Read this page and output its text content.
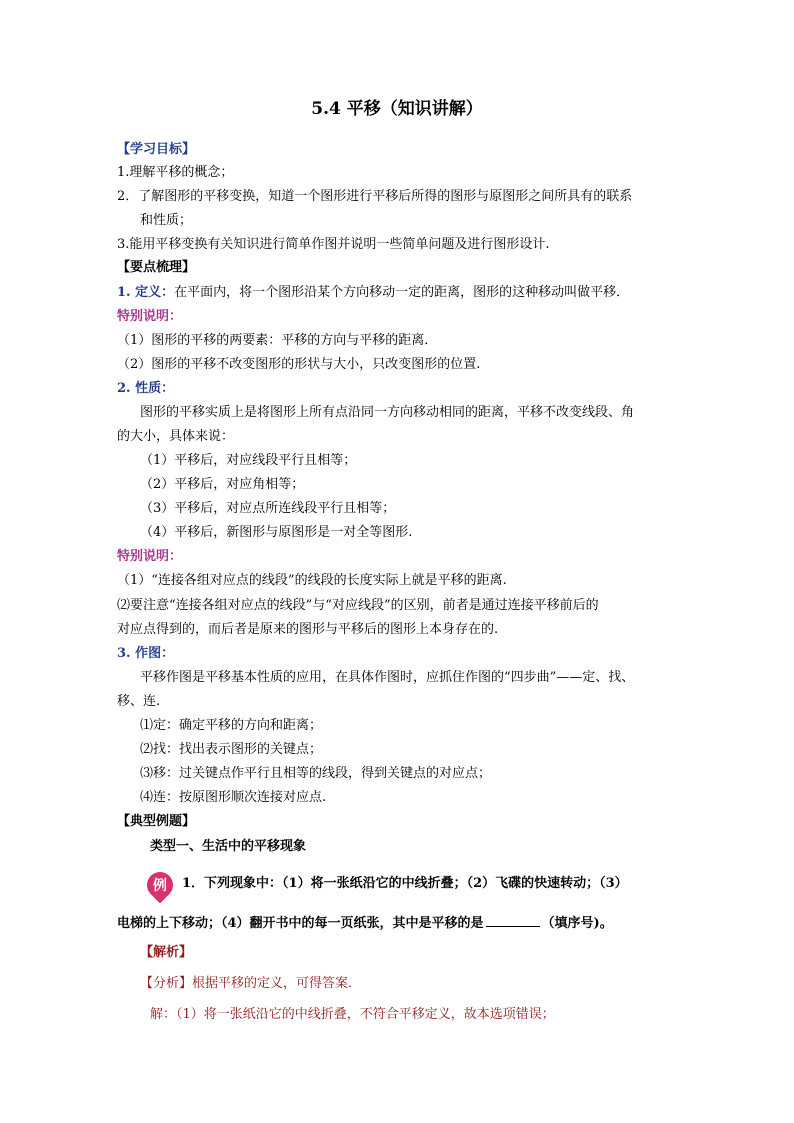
5.4 平移（知识讲解）
【学习目标】
1.理解平移的概念；
2．了解图形的平移变换，知道一个图形进行平移后所得的图形与原图形之间所具有的联系
和性质；
3.能用平移变换有关知识进行简单作图并说明一些简单问题及进行图形设计.
【要点梳理】
1. 定义：在平面内，将一个图形沿某个方向移动一定的距离，图形的这种移动叫做平移．
特别说明：
（1）图形的平移的两要素：平移的方向与平移的距离．
（2）图形的平移不改变图形的形状与大小，只改变图形的位置.
2. 性质：
图形的平移实质上是将图形上所有点沿同一方向移动相同的距离，平移不改变线段、角
的大小，具体来说：
（1）平移后，对应线段平行且相等；
（2）平移后，对应角相等；
（3）平移后，对应点所连线段平行且相等；
（4）平移后，新图形与原图形是一对全等图形.
特别说明：
（1）“连接各组对应点的线段”的线段的长度实际上就是平移的距离.
⑵要注意“连接各组对应点的线段”与“对应线段”的区别，前者是通过连接平移前后的
对应点得到的，而后者是原来的图形与平移后的图形上本身存在的.
3. 作图：
平移作图是平移基本性质的应用，在具体作图时，应抓住作图的“四步曲”——定、找、
移、连.
⑴定：确定平移的方向和距离；
⑵找：找出表示图形的关键点；
⑶移：过关键点作平行且相等的线段，得到关键点的对应点；
⑷连：按原图形顺次连接对应点.
【典型例题】
类型一、生活中的平移现象
例 1．下列现象中：（1）将一张纸沿它的中线折叠；（2）飞碟的快速转动；（3）
电梯的上下移动；（4）翻开书中的每一页纸张，其中是平移的是	（填序号)。
【解析】
【分析】根据平移的定义，可得答案．
解：（1）将一张纸沿它的中线折叠，不符合平移定义，故本选项错误；
